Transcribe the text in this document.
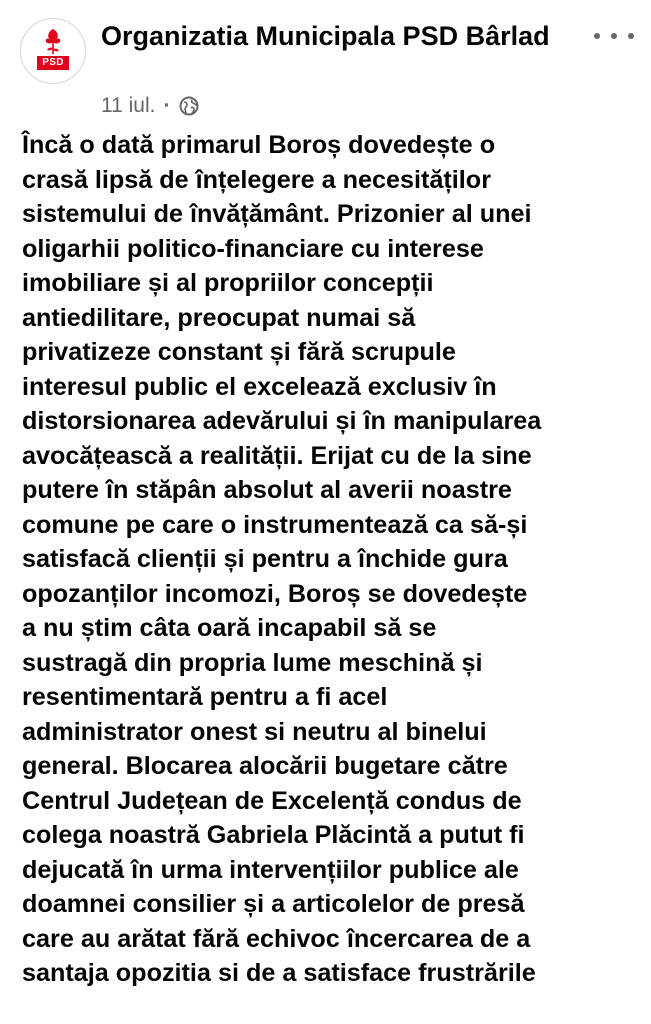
PSD
Organizatia Municipala PSD Bârlad
11 iul. ·
Încă o dată primarul Boroș dovedește o
crasă lipsă de înțelegere a necesităților
sistemului de învățământ. Prizonier al unei
oligarhii politico-financiare cu interese
imobiliare și al propriilor concepții
antiedilitare, preocupat numai să
privatizeze constant și fără scrupule
interesul public el excelează exclusiv în
distorsionarea adevărului și în manipularea
avocățească a realității. Erijat cu de la sine
putere în stăpân absolut al averii noastre
comune pe care o instrumentează ca să-și
satisfacă clienții și pentru a închide gura
opozanților incomozi, Boroș se dovedește
a nu știm câta oară incapabil să se
sustragă din propria lume meschină și
resentimentară pentru a fi acel
administrator onest si neutru al binelui
general. Blocarea alocării bugetare către
Centrul Județean de Excelență condus de
colega noastră Gabriela Plăcintă a putut fi
dejucată în urma intervențiilor publice ale
doamnei consilier și a articolelor de presă
care au arătat fără echivoc încercarea de a
santaja opozitia si de a satisface frustrările
